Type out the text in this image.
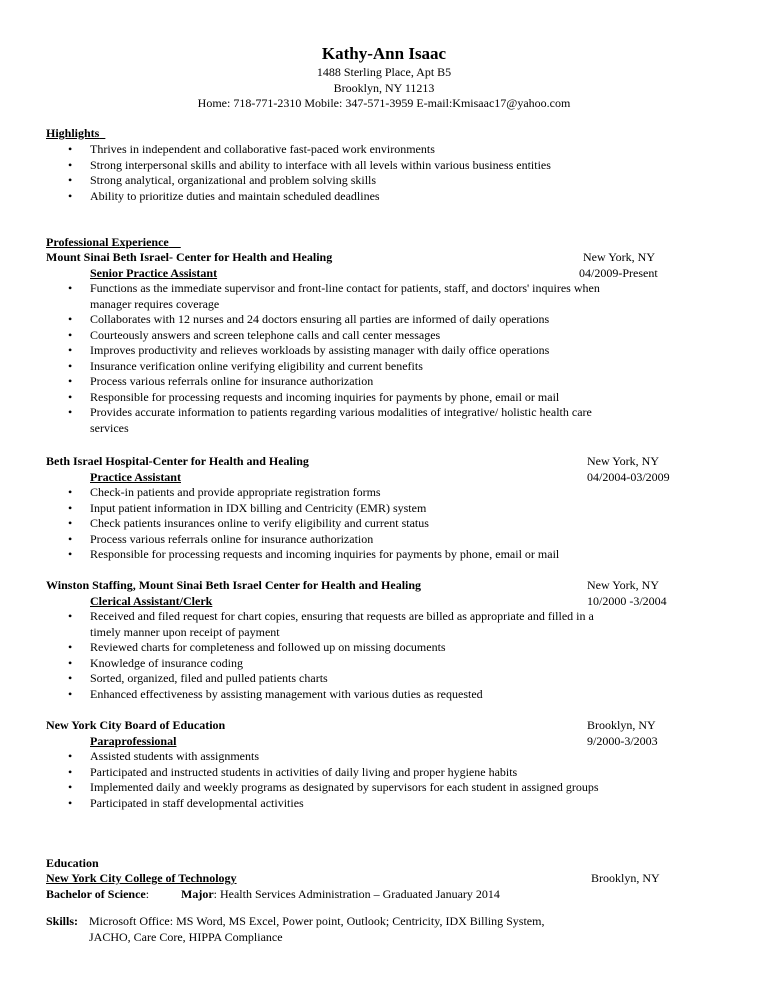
Kathy-Ann Isaac
1488 Sterling Place, Apt B5
Brooklyn, NY 11213
Home: 718-771-2310 Mobile: 347-571-3959 E-mail:Kmisaac17@yahoo.com
Highlights
• Thrives in independent and collaborative fast-paced work environments
• Strong interpersonal skills and ability to interface with all levels within various business entities
• Strong analytical, organizational and problem solving skills
• Ability to prioritize duties and maintain scheduled deadlines
Professional Experience
Mount Sinai Beth Israel- Center for Health and Healing	New York, NY
Senior Practice Assistant	04/2009-Present
• Functions as the immediate supervisor and front-line contact for patients, staff, and doctors' inquires when manager requires coverage
• Collaborates with 12 nurses and 24 doctors ensuring all parties are informed of daily operations
• Courteously answers and screen telephone calls and call center messages
• Improves productivity and relieves workloads by assisting manager with daily office operations
• Insurance verification online verifying eligibility and current benefits
• Process various referrals online for insurance authorization
• Responsible for processing requests and incoming inquiries for payments by phone, email or mail
• Provides accurate information to patients regarding various modalities of integrative/ holistic health care services
Beth Israel Hospital-Center for Health and Healing	New York, NY
Practice Assistant	04/2004-03/2009
• Check-in patients and provide appropriate registration forms
• Input patient information in IDX billing and Centricity (EMR) system
• Check patients insurances online to verify eligibility and current status
• Process various referrals online for insurance authorization
• Responsible for processing requests and incoming inquiries for payments by phone, email or mail
Winston Staffing, Mount Sinai Beth Israel Center for Health and Healing	New York, NY
Clerical Assistant/Clerk	10/2000 -3/2004
• Received and filed request for chart copies, ensuring that requests are billed as appropriate and filled in a timely manner upon receipt of payment
• Reviewed charts for completeness and followed up on missing documents
• Knowledge of insurance coding
• Sorted, organized, filed and pulled patients charts
• Enhanced effectiveness by assisting management with various duties as requested
New York City Board of Education	Brooklyn, NY
Paraprofessional	9/2000-3/2003
• Assisted students with assignments
• Participated and instructed students in activities of daily living and proper hygiene habits
• Implemented daily and weekly programs as designated by supervisors for each student in assigned groups
• Participated in staff developmental activities
Education
New York City College of Technology	Brooklyn, NY
Bachelor of Science:	Major: Health Services Administration – Graduated January 2014
Skills: Microsoft Office: MS Word, MS Excel, Power point, Outlook; Centricity, IDX Billing System, JACHO, Care Core, HIPPA Compliance
